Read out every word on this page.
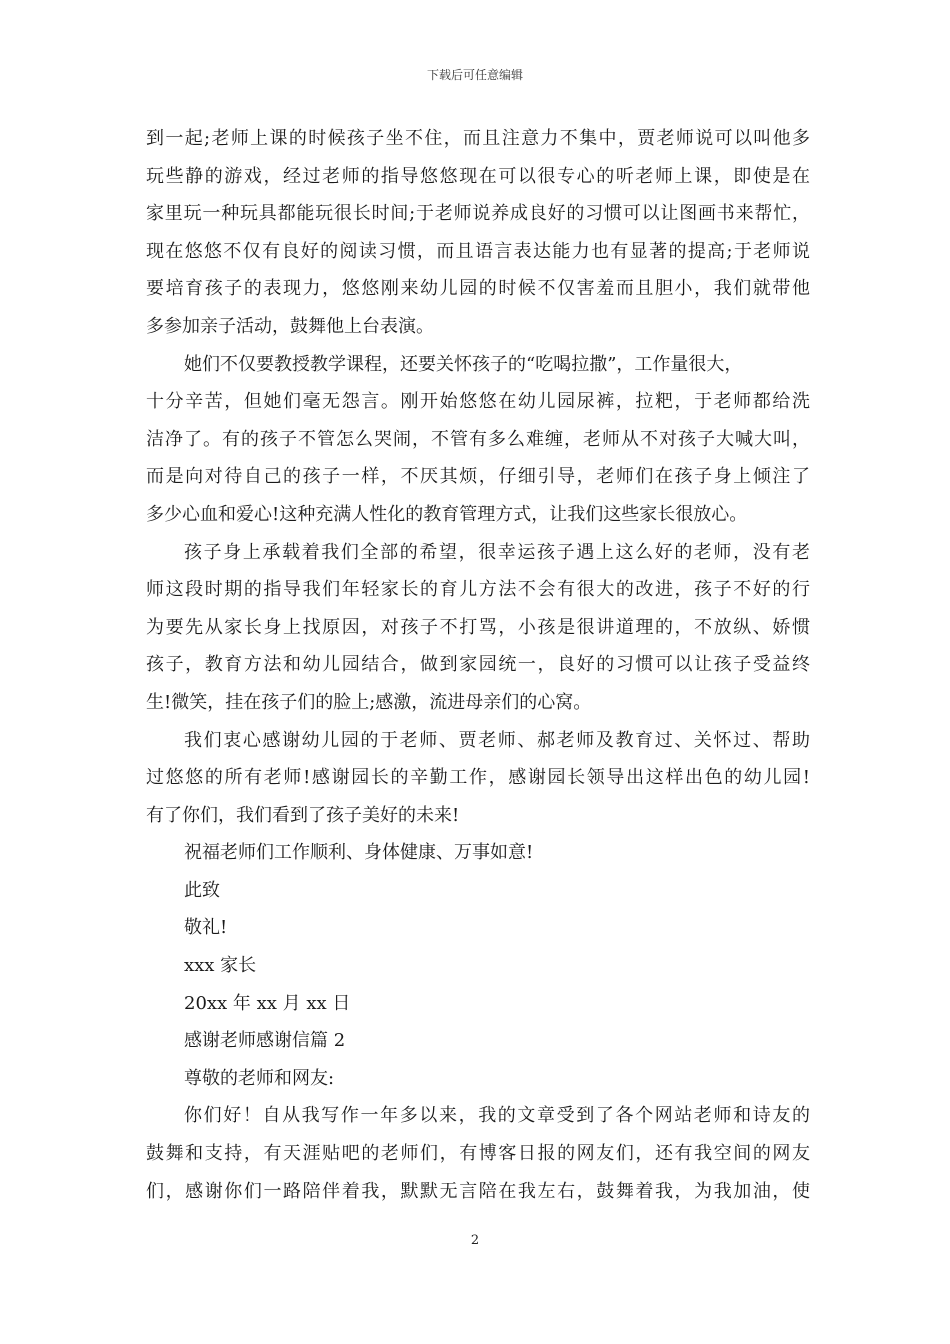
下载后可任意编辑
到一起;老师上课的时候孩子坐不住，而且注意力不集中，贾老师说可以叫他多
玩些静的游戏，经过老师的指导悠悠现在可以很专心的听老师上课，即使是在
家里玩一种玩具都能玩很长时间;于老师说养成良好的习惯可以让图画书来帮忙，
现在悠悠不仅有良好的阅读习惯，而且语言表达能力也有显著的提高;于老师说
要培育孩子的表现力，悠悠刚来幼儿园的时候不仅害羞而且胆小，我们就带他
多参加亲子活动，鼓舞他上台表演。
她们不仅要教授教学课程，还要关怀孩子的“吃喝拉撒”，工作量很大，
十分辛苦，但她们毫无怨言。刚开始悠悠在幼儿园尿裤，拉粑，于老师都给洗
洁净了。有的孩子不管怎么哭闹，不管有多么难缠，老师从不对孩子大喊大叫，
而是向对待自己的孩子一样，不厌其烦，仔细引导，老师们在孩子身上倾注了
多少心血和爱心!这种充满人性化的教育管理方式，让我们这些家长很放心。
孩子身上承载着我们全部的希望，很幸运孩子遇上这么好的老师，没有老
师这段时期的指导我们年轻家长的育儿方法不会有很大的改进，孩子不好的行
为要先从家长身上找原因，对孩子不打骂，小孩是很讲道理的，不放纵、娇惯
孩子，教育方法和幼儿园结合，做到家园统一，良好的习惯可以让孩子受益终
生!微笑，挂在孩子们的脸上;感激，流进母亲们的心窝。
我们衷心感谢幼儿园的于老师、贾老师、郝老师及教育过、关怀过、帮助
过悠悠的所有老师!感谢园长的辛勤工作，感谢园长领导出这样出色的幼儿园!
有了你们，我们看到了孩子美好的未来!
祝福老师们工作顺利、身体健康、万事如意!
此致
敬礼!
xxx 家长
20xx 年 xx 月 xx 日
感谢老师感谢信篇 2
尊敬的老师和网友:
你们好！自从我写作一年多以来，我的文章受到了各个网站老师和诗友的
鼓舞和支持，有天涯贴吧的老师们，有博客日报的网友们，还有我空间的网友
们，感谢你们一路陪伴着我，默默无言陪在我左右，鼓舞着我，为我加油，使
2
